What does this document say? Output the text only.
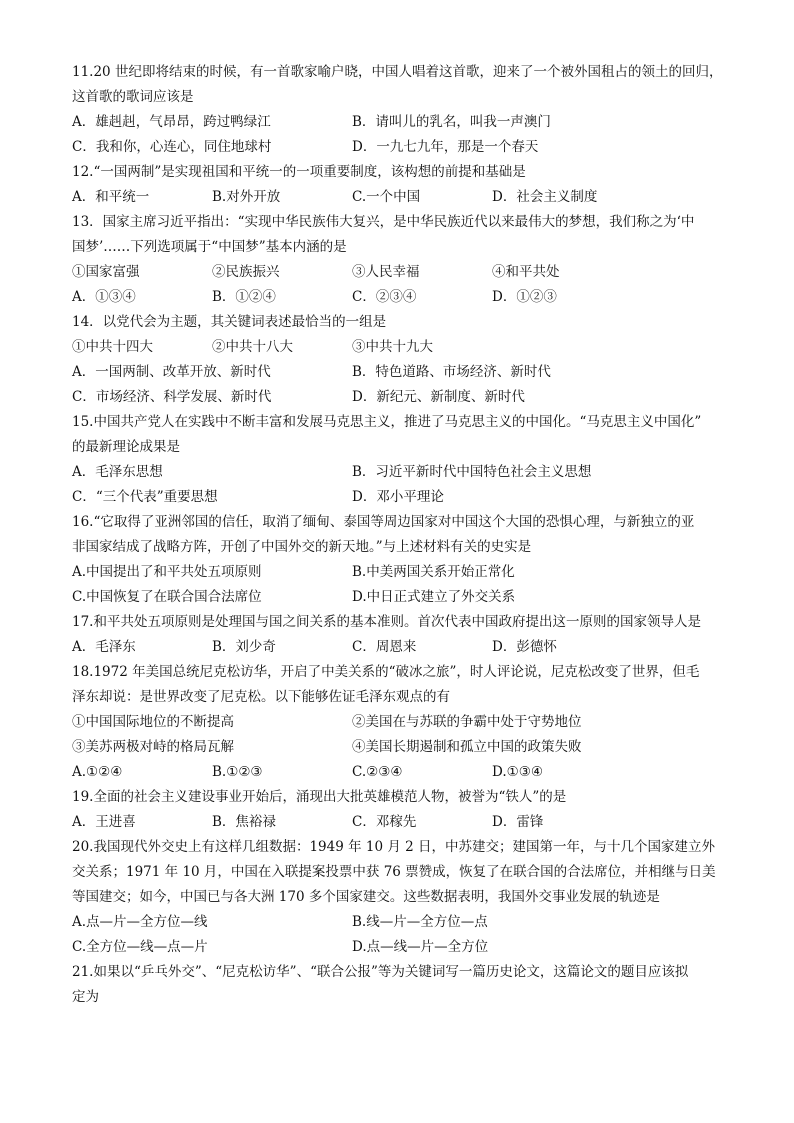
11.20 世纪即将结束的时候，有一首歌家喻户晓，中国人唱着这首歌，迎来了一个被外国租占的领土的回归，
这首歌的歌词应该是
A．雄赳赳，气昂昂，跨过鸭绿江	B．请叫儿的乳名，叫我一声澳门
C．我和你，心连心，同住地球村	D．一九七九年，那是一个春天
12.“一国两制”是实现祖国和平统一的一项重要制度，该构想的前提和基础是
A．和平统一	B.对外开放	C.一个中国	D．社会主义制度
13．国家主席习近平指出：“实现中华民族伟大复兴，是中华民族近代以来最伟大的梦想，我们称之为‘中
国梦’……下列选项属于“中国梦”基本内涵的是
①国家富强	②民族振兴	③人民幸福	④和平共处
A．①③④	B．①②④	C．②③④	D．①②③
14．以党代会为主题，其关键词表述最恰当的一组是
①中共十四大	②中共十八大	③中共十九大
A．一国两制、改革开放、新时代	B．特色道路、市场经济、新时代
C．市场经济、科学发展、新时代	D．新纪元、新制度、新时代
15.中国共产党人在实践中不断丰富和发展马克思主义，推进了马克思主义的中国化。“马克思主义中国化”
的最新理论成果是
A．毛泽东思想	B．习近平新时代中国特色社会主义思想
C．“三个代表”重要思想	D．邓小平理论
16.“它取得了亚洲邻国的信任，取消了缅甸、泰国等周边国家对中国这个大国的恐惧心理，与新独立的亚
非国家结成了战略方阵，开创了中国外交的新天地。”与上述材料有关的史实是
A.中国提出了和平共处五项原则	B.中美两国关系开始正常化
C.中国恢复了在联合国合法席位	D.中日正式建立了外交关系
17.和平共处五项原则是处理国与国之间关系的基本准则。首次代表中国政府提出这一原则的国家领导人是
A．毛泽东	B．刘少奇	C．周恩来	D．彭德怀
18.1972 年美国总统尼克松访华，开启了中美关系的“破冰之旅”，时人评论说，尼克松改变了世界，但毛
泽东却说：是世界改变了尼克松。以下能够佐证毛泽东观点的有
①中国国际地位的不断提高	②美国在与苏联的争霸中处于守势地位
③美苏两极对峙的格局瓦解	④美国长期遏制和孤立中国的政策失败
A.①②④	B.①②③	C.②③④	D.①③④
19.全面的社会主义建设事业开始后，涌现出大批英雄模范人物，被誉为“铁人”的是
A．王进喜	B．焦裕禄	C．邓稼先	D．雷锋
20.我国现代外交史上有这样几组数据：1949 年 10 月 2 日，中苏建交；建国第一年，与十几个国家建立外
交关系；1971 年 10 月，中国在入联提案投票中获 76 票赞成，恢复了在联合国的合法席位，并相继与日美
等国建交；如今，中国已与各大洲 170 多个国家建交。这些数据表明，我国外交事业发展的轨迹是
A.点—片—全方位—线	B.线—片—全方位—点
C.全方位—线—点—片	D.点—线—片—全方位
21.如果以“乒乓外交”、“尼克松访华”、“联合公报”等为关键词写一篇历史论文，这篇论文的题目应该拟
定为
